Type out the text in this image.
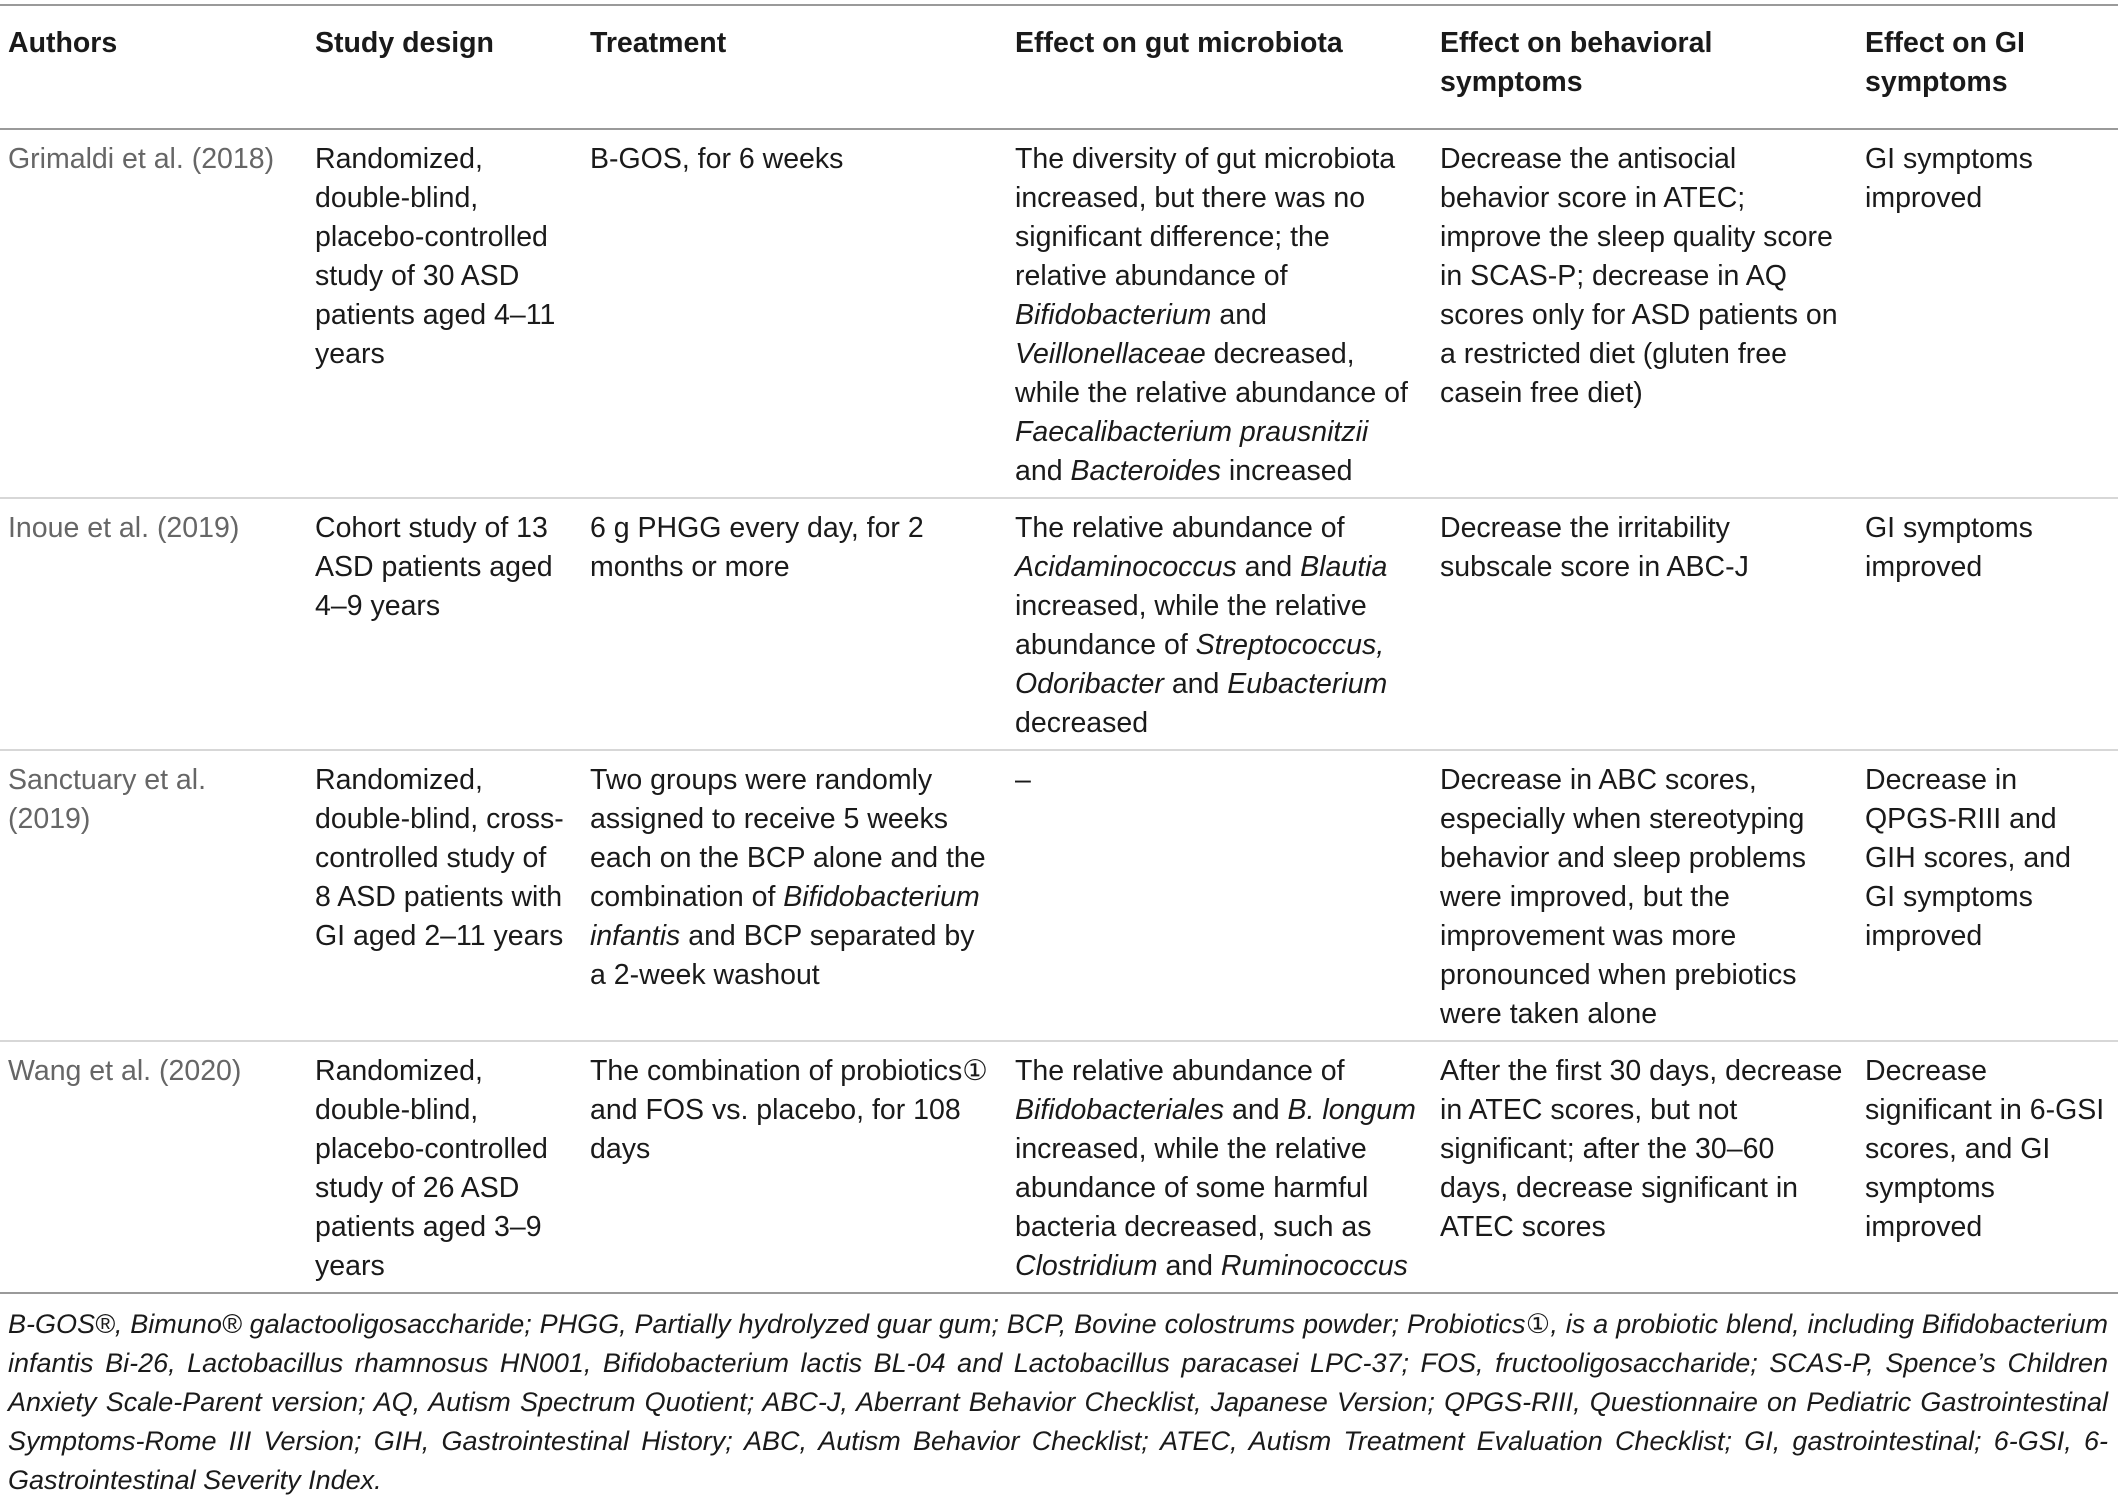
Authors	Study design	Treatment	Effect on gut microbiota	Effect on behavioral symptoms	Effect on GI symptoms
Grimaldi et al. (2018)	Randomized, double-blind, placebo-controlled study of 30 ASD patients aged 4–11 years	B-GOS, for 6 weeks	The diversity of gut microbiota increased, but there was no significant difference; the relative abundance of Bifidobacterium and Veillonellaceae decreased, while the relative abundance of Faecalibacterium prausnitzii and Bacteroides increased	Decrease the antisocial behavior score in ATEC; improve the sleep quality score in SCAS-P; decrease in AQ scores only for ASD patients on a restricted diet (gluten free casein free diet)	GI symptoms improved
Inoue et al. (2019)	Cohort study of 13 ASD patients aged 4–9 years	6 g PHGG every day, for 2 months or more	The relative abundance of Acidaminococcus and Blautia increased, while the relative abundance of Streptococcus, Odoribacter and Eubacterium decreased	Decrease the irritability subscale score in ABC-J	GI symptoms improved
Sanctuary et al. (2019)	Randomized, double-blind, cross-controlled study of 8 ASD patients with GI aged 2–11 years	Two groups were randomly assigned to receive 5 weeks each on the BCP alone and the combination of Bifidobacterium infantis and BCP separated by a 2-week washout	–	Decrease in ABC scores, especially when stereotyping behavior and sleep problems were improved, but the improvement was more pronounced when prebiotics were taken alone	Decrease in QPGS-RIII and GIH scores, and GI symptoms improved
Wang et al. (2020)	Randomized, double-blind, placebo-controlled study of 26 ASD patients aged 3–9 years	The combination of probiotics① and FOS vs. placebo, for 108 days	The relative abundance of Bifidobacteriales and B. longum increased, while the relative abundance of some harmful bacteria decreased, such as Clostridium and Ruminococcus	After the first 30 days, decrease in ATEC scores, but not significant; after the 30–60 days, decrease significant in ATEC scores	Decrease significant in 6-GSI scores, and GI symptoms improved

B-GOS®, Bimuno® galactooligosaccharide; PHGG, Partially hydrolyzed guar gum; BCP, Bovine colostrums powder; Probiotics①, is a probiotic blend, including Bifidobacterium infantis Bi-26, Lactobacillus rhamnosus HN001, Bifidobacterium lactis BL-04 and Lactobacillus paracasei LPC-37; FOS, fructooligosaccharide; SCAS-P, Spence’s Children Anxiety Scale-Parent version; AQ, Autism Spectrum Quotient; ABC-J, Aberrant Behavior Checklist, Japanese Version; QPGS-RIII, Questionnaire on Pediatric Gastrointestinal Symptoms-Rome III Version; GIH, Gastrointestinal History; ABC, Autism Behavior Checklist; ATEC, Autism Treatment Evaluation Checklist; GI, gastrointestinal; 6-GSI, 6-Gastrointestinal Severity Index.
